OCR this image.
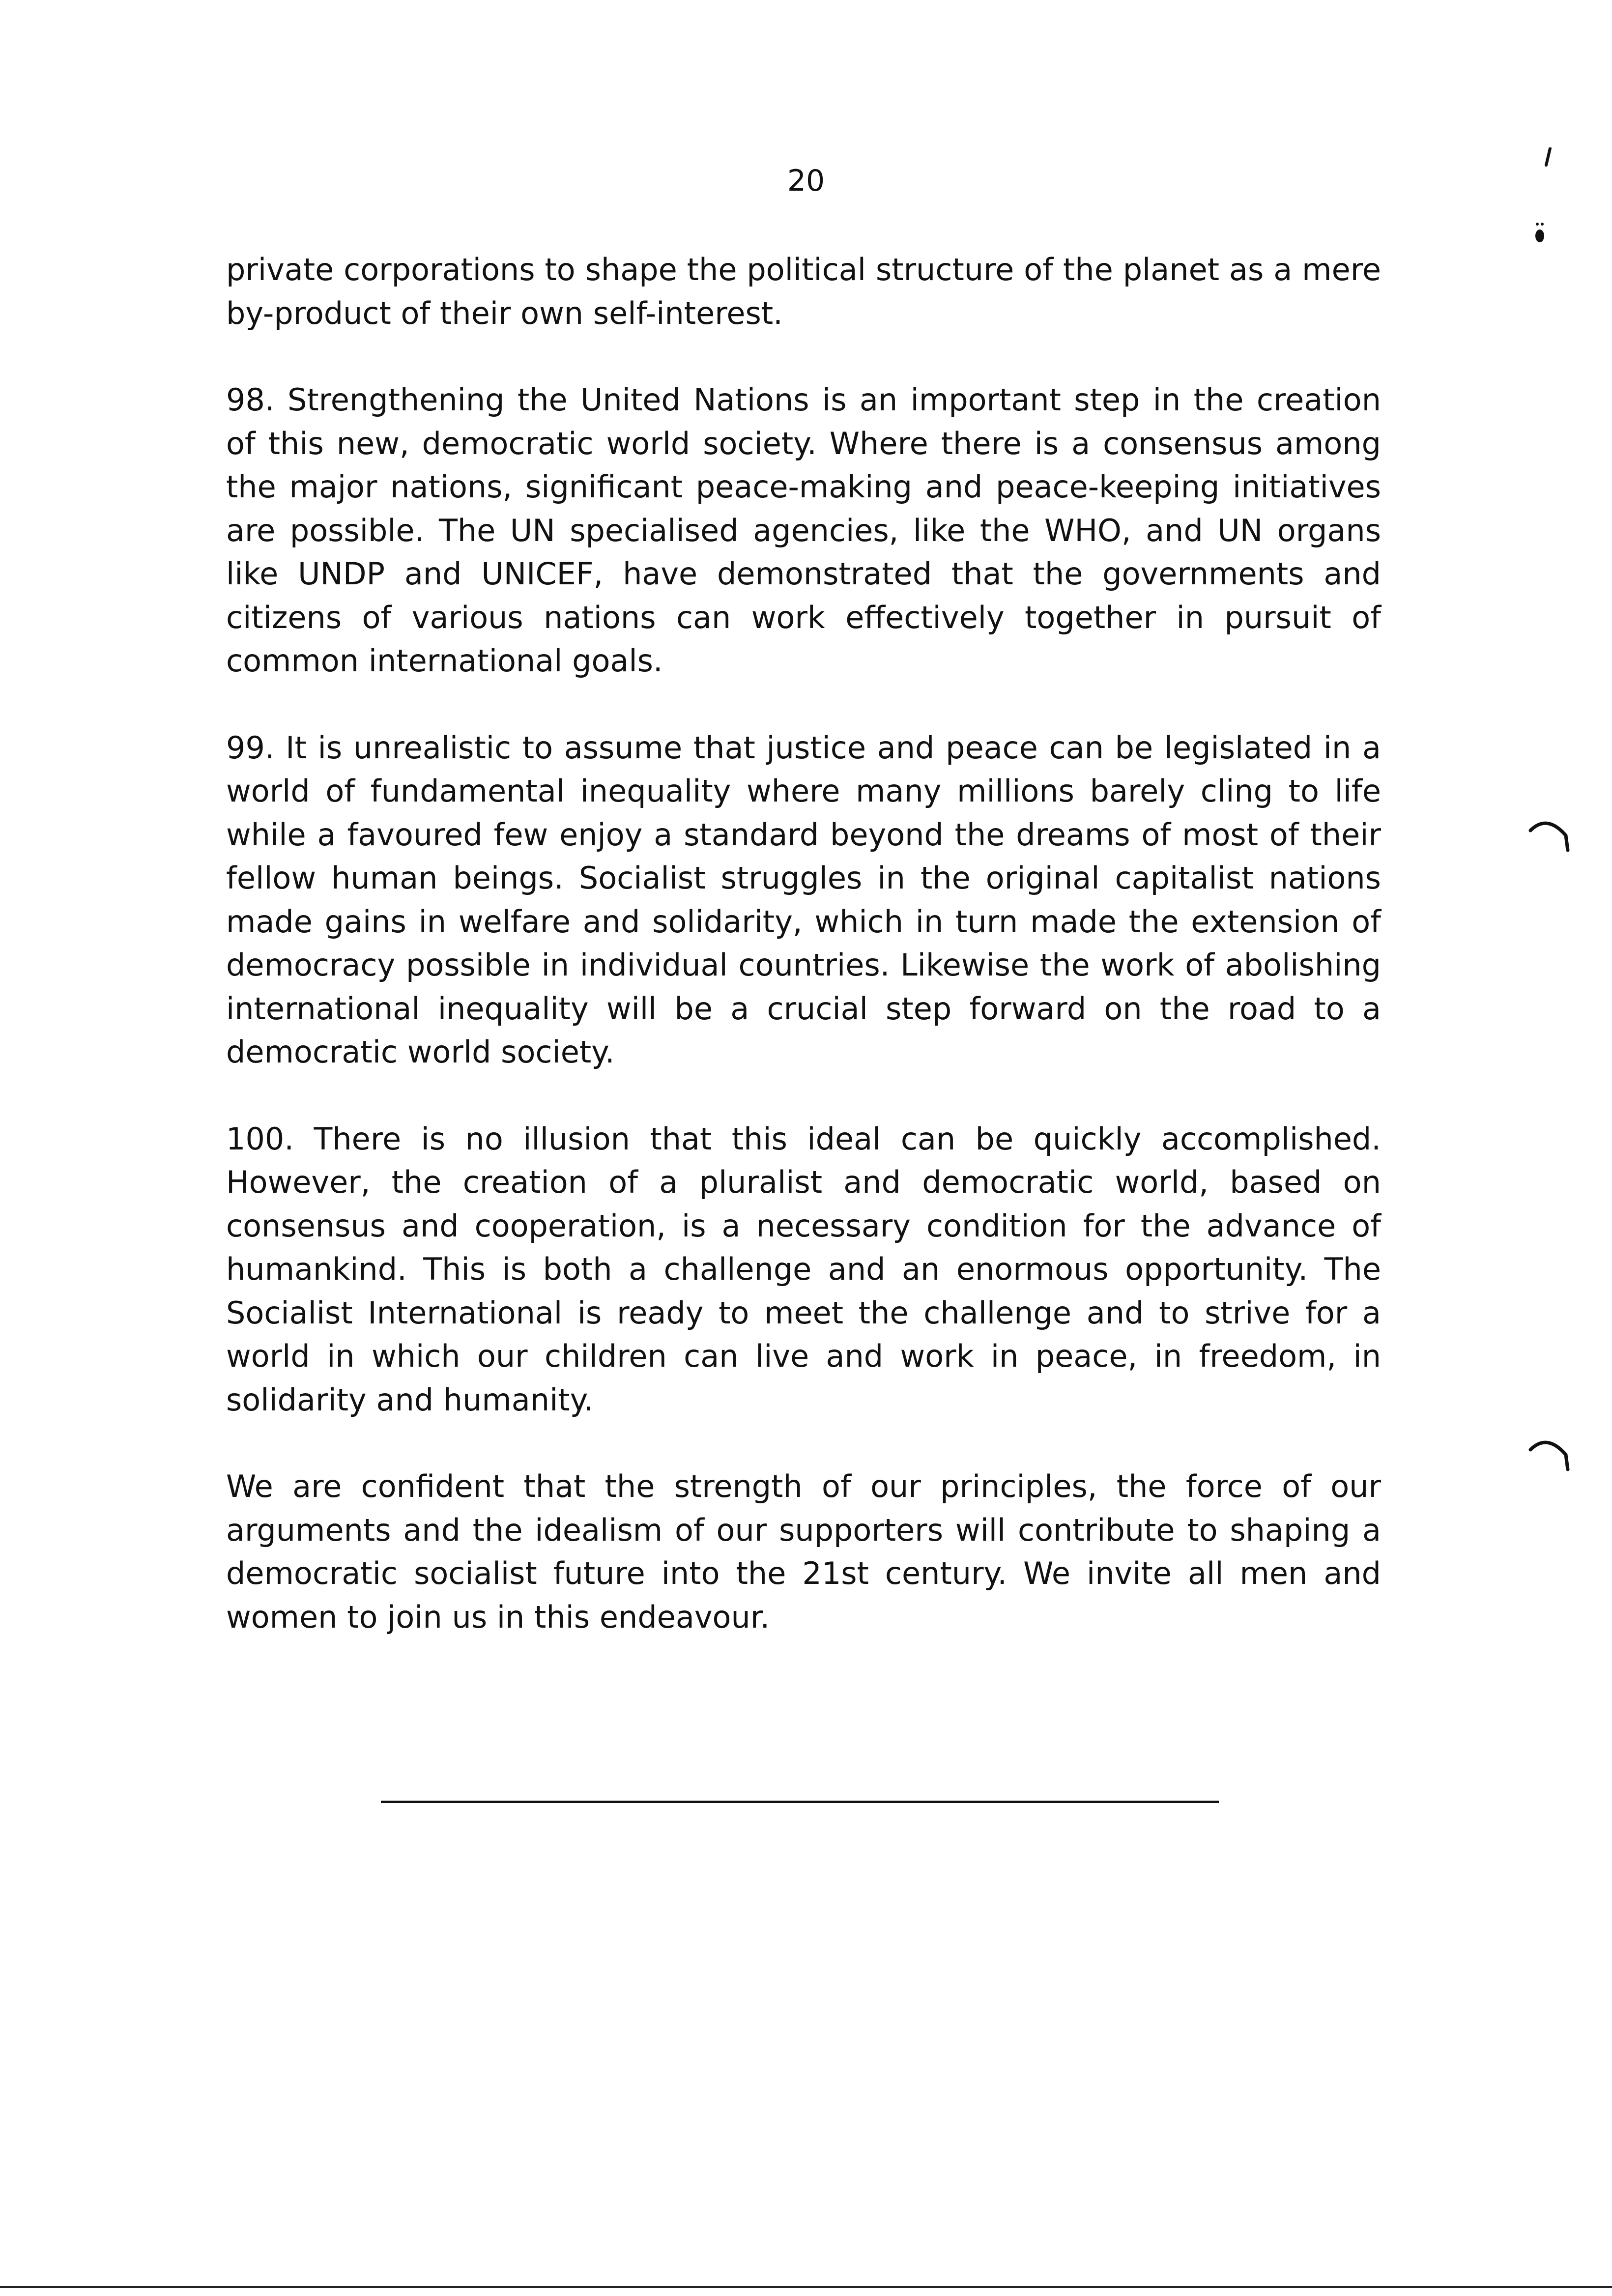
20

private corporations to shape the political structure of the planet as a mere by-product of their own self-interest.

98. Strengthening the United Nations is an important step in the creation of this new, democratic world society. Where there is a consensus among the major nations, significant peace-making and peace-keeping initiatives are possible. The UN specialised agencies, like the WHO, and UN organs like UNDP and UNICEF, have demonstrated that the governments and citizens of various nations can work effectively together in pursuit of common international goals.

99. It is unrealistic to assume that justice and peace can be legislated in a world of fundamental inequality where many millions barely cling to life while a favoured few enjoy a standard beyond the dreams of most of their fellow human beings. Socialist struggles in the original capitalist nations made gains in welfare and solidarity, which in turn made the extension of democracy possible in individual countries. Likewise the work of abolishing international inequality will be a crucial step forward on the road to a democratic world society.

100. There is no illusion that this ideal can be quickly accomplished. However, the creation of a pluralist and democratic world, based on consensus and cooperation, is a necessary condition for the advance of humankind. This is both a challenge and an enormous opportunity. The Socialist International is ready to meet the challenge and to strive for a world in which our children can live and work in peace, in freedom, in solidarity and humanity.

We are confident that the strength of our principles, the force of our arguments and the idealism of our supporters will contribute to shaping a democratic socialist future into the 21st century. We invite all men and women to join us in this endeavour.
